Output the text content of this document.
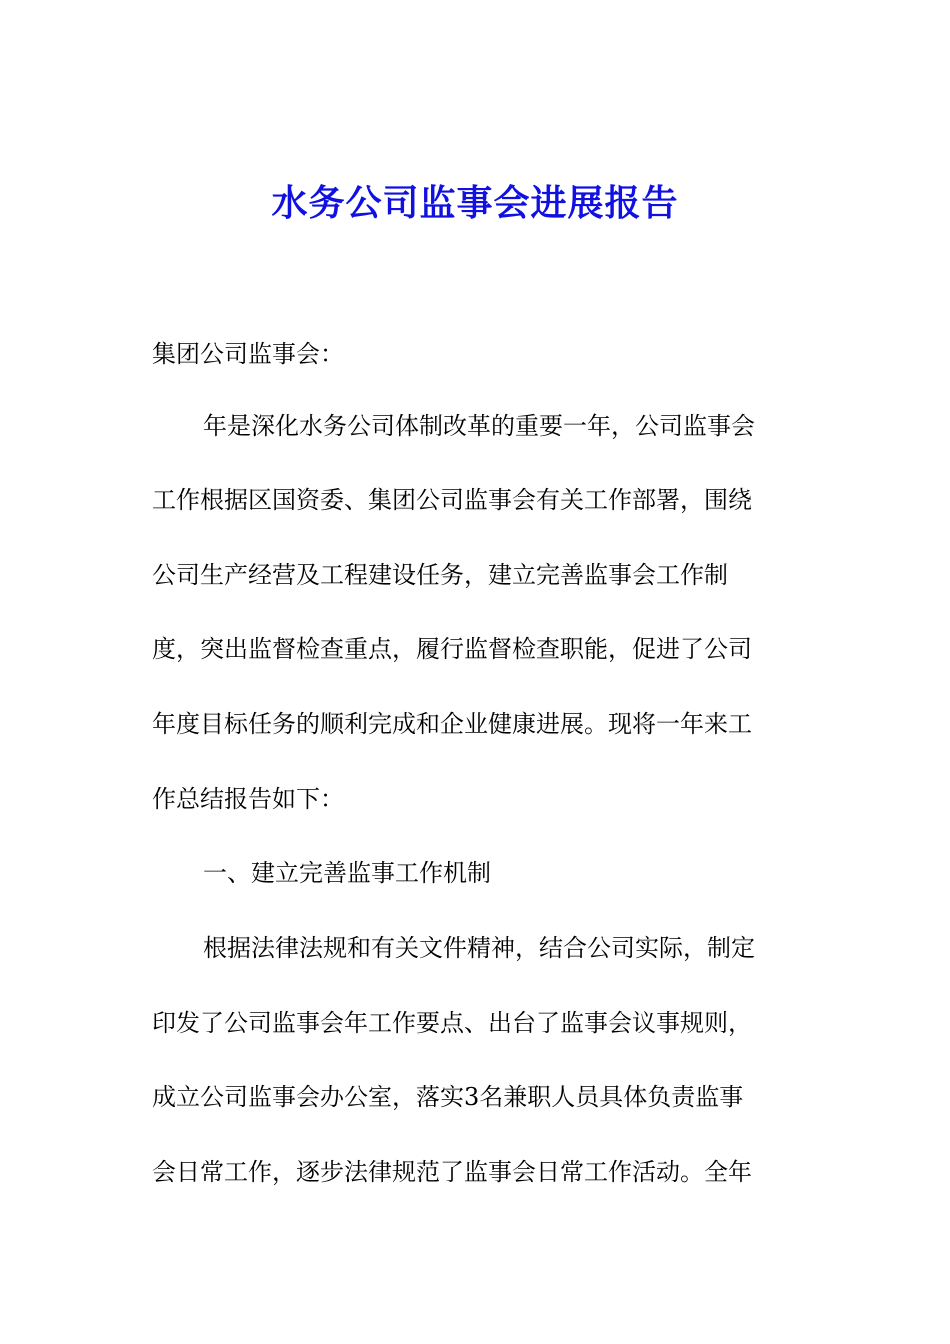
水务公司监事会进展报告
集团公司监事会：
年是深化水务公司体制改革的重要一年，公司监事会
工作根据区国资委、集团公司监事会有关工作部署，围绕
公司生产经营及工程建设任务，建立完善监事会工作制
度，突出监督检查重点，履行监督检查职能，促进了公司
年度目标任务的顺利完成和企业健康进展。现将一年来工
作总结报告如下：
一、建立完善监事工作机制
根据法律法规和有关文件精神，结合公司实际，制定
印发了公司监事会年工作要点、出台了监事会议事规则，
成立公司监事会办公室，落实3名兼职人员具体负责监事
会日常工作，逐步法律规范了监事会日常工作活动。全年
